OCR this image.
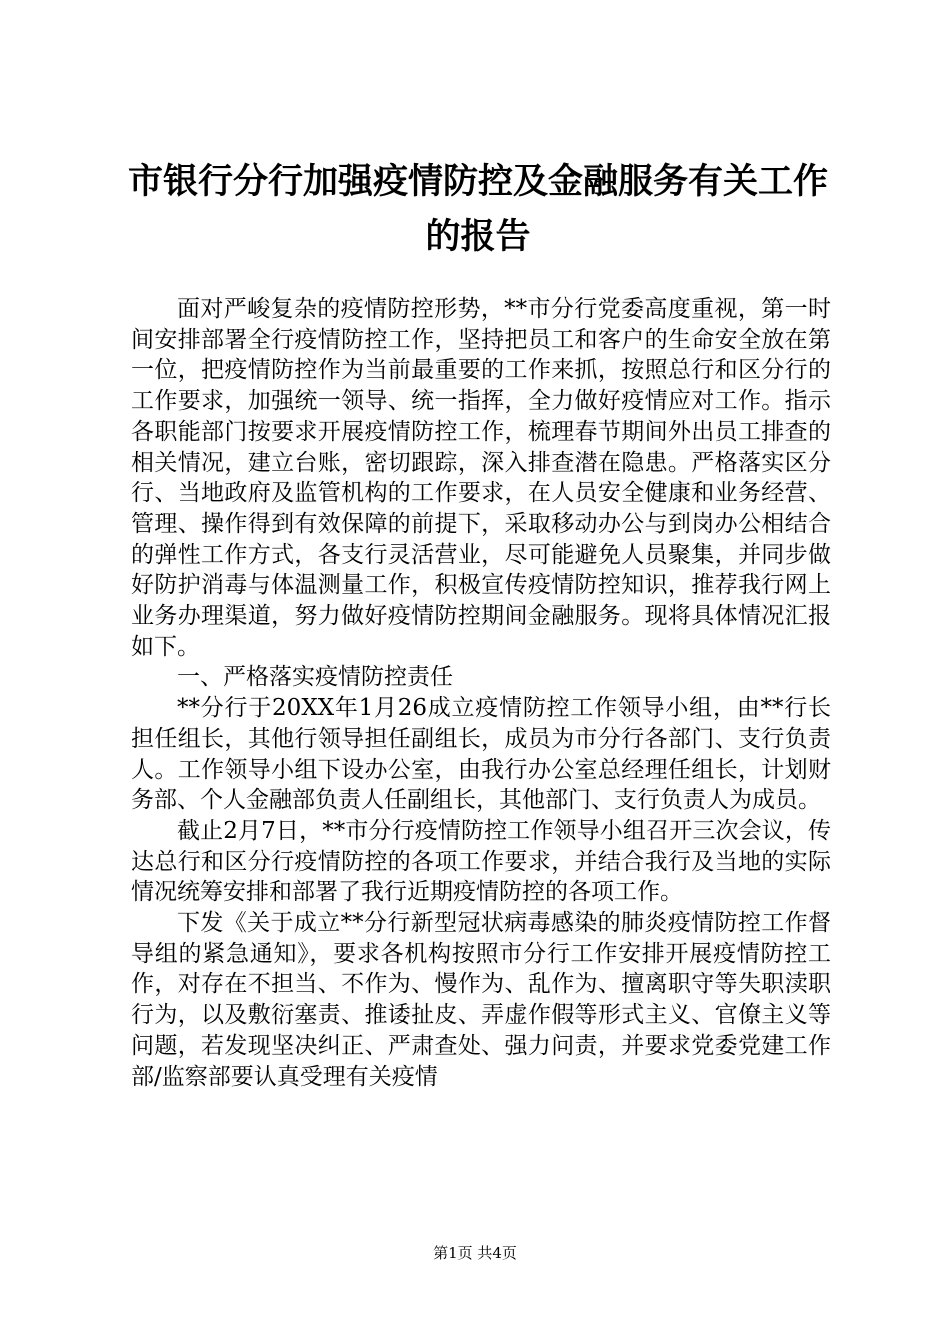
市银行分行加强疫情防控及金融服务有关工作的报告

面对严峻复杂的疫情防控形势，**市分行党委高度重视，第一时间安排部署全行疫情防控工作，坚持把员工和客户的生命安全放在第一位，把疫情防控作为当前最重要的工作来抓，按照总行和区分行的工作要求，加强统一领导、统一指挥，全力做好疫情应对工作。指示各职能部门按要求开展疫情防控工作，梳理春节期间外出员工排查的相关情况，建立台账，密切跟踪，深入排查潜在隐患。严格落实区分行、当地政府及监管机构的工作要求，在人员安全健康和业务经营、管理、操作得到有效保障的前提下，采取移动办公与到岗办公相结合的弹性工作方式，各支行灵活营业，尽可能避免人员聚集，并同步做好防护消毒与体温测量工作，积极宣传疫情防控知识，推荐我行网上业务办理渠道，努力做好疫情防控期间金融服务。现将具体情况汇报如下。

一、严格落实疫情防控责任

**分行于20XX年1月26成立疫情防控工作领导小组，由**行长担任组长，其他行领导担任副组长，成员为市分行各部门、支行负责人。工作领导小组下设办公室，由我行办公室总经理任组长，计划财务部、个人金融部负责人任副组长，其他部门、支行负责人为成员。

截止2月7日，**市分行疫情防控工作领导小组召开三次会议，传达总行和区分行疫情防控的各项工作要求，并结合我行及当地的实际情况统筹安排和部署了我行近期疫情防控的各项工作。

下发《关于成立**分行新型冠状病毒感染的肺炎疫情防控工作督导组的紧急通知》，要求各机构按照市分行工作安排开展疫情防控工作，对存在不担当、不作为、慢作为、乱作为、擅离职守等失职渎职行为，以及敷衍塞责、推诿扯皮、弄虚作假等形式主义、官僚主义等问题，若发现坚决纠正、严肃查处、强力问责，并要求党委党建工作部/监察部要认真受理有关疫情

第1页 共4页
